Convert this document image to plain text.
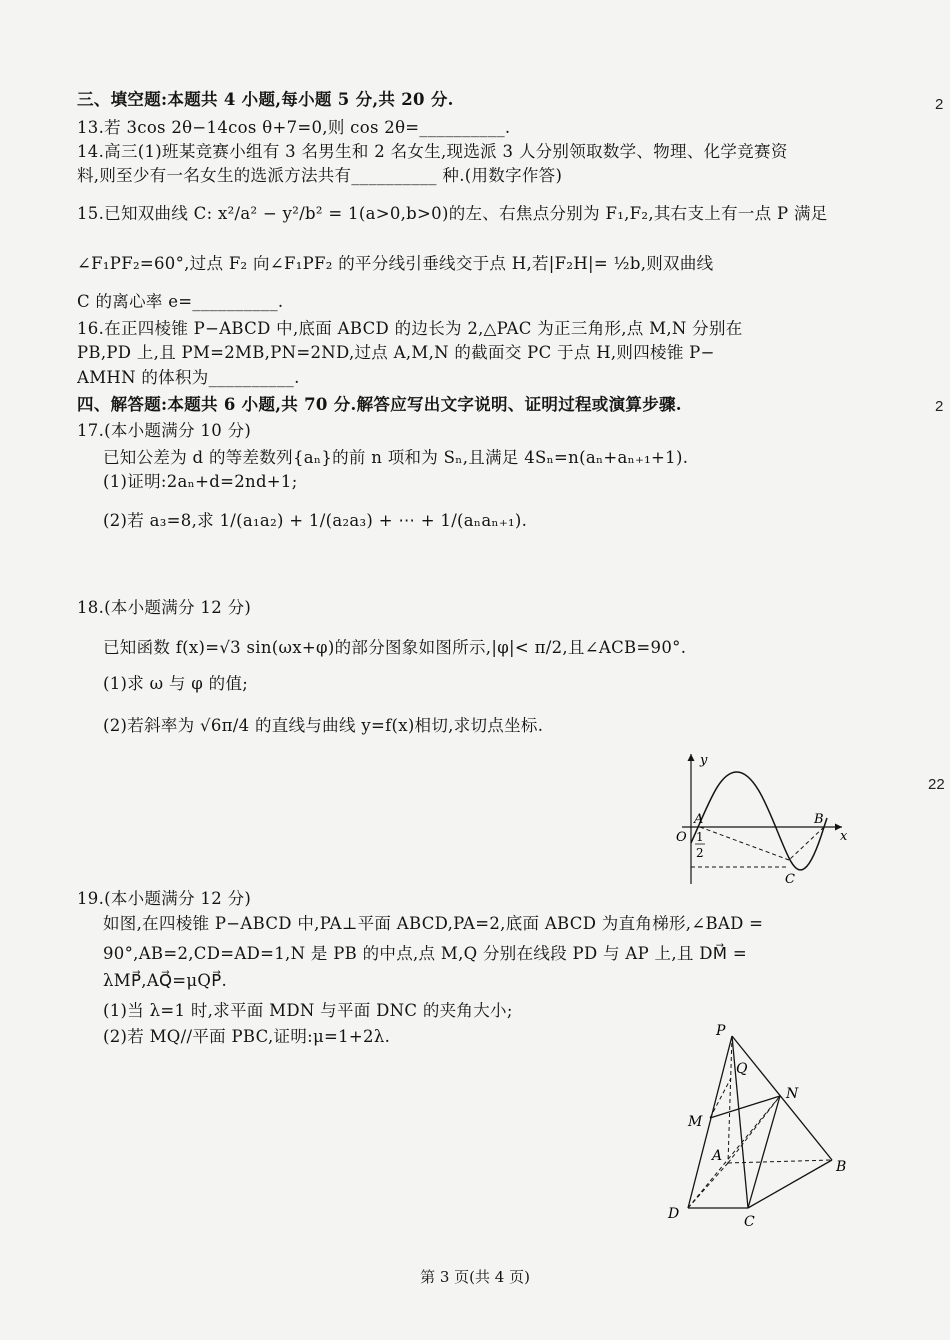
三、填空题:本题共 4 小题,每小题 5 分,共 20 分.
13.若 3cos 2θ−14cos θ+7=0,则 cos 2θ=__________.
14.高三(1)班某竞赛小组有 3 名男生和 2 名女生,现选派 3 人分别领取数学、物理、化学竞赛资
料,则至少有一名女生的选派方法共有__________ 种.(用数字作答)
15.已知双曲线 C: x²/a² − y²/b² = 1(a>0,b>0)的左、右焦点分别为 F₁,F₂,其右支上有一点 P 满足
∠F₁PF₂=60°,过点 F₂ 向∠F₁PF₂ 的平分线引垂线交于点 H,若|F₂H|= ½b,则双曲线
C 的离心率 e=__________.
16.在正四棱锥 P−ABCD 中,底面 ABCD 的边长为 2,△PAC 为正三角形,点 M,N 分别在
PB,PD 上,且 PM=2MB,PN=2ND,过点 A,M,N 的截面交 PC 于点 H,则四棱锥 P−
AMHN 的体积为__________.
四、解答题:本题共 6 小题,共 70 分.解答应写出文字说明、证明过程或演算步骤.
17.(本小题满分 10 分)
已知公差为 d 的等差数列{aₙ}的前 n 项和为 Sₙ,且满足 4Sₙ=n(aₙ+aₙ₊₁+1).
(1)证明:2aₙ+d=2nd+1;
(2)若 a₃=8,求 1/(a₁a₂) + 1/(a₂a₃) + ⋯ + 1/(aₙaₙ₊₁).
18.(本小题满分 12 分)
已知函数 f(x)=√3 sin(ωx+φ)的部分图象如图所示,|φ|< π/2,且∠ACB=90°.
(1)求 ω 与 φ 的值;
(2)若斜率为 √6π/4 的直线与曲线 y=f(x)相切,求切点坐标.
y
x
O
A	B
C
1
2
19.(本小题满分 12 分)
如图,在四棱锥 P−ABCD 中,PA⊥平面 ABCD,PA=2,底面 ABCD 为直角梯形,∠BAD =
90°,AB=2,CD=AD=1,N 是 PB 的中点,点 M,Q 分别在线段 PD 与 AP 上,且 DM⃗ =
λMP⃗,AQ⃗=μQP⃗.
(1)当 λ=1 时,求平面 MDN 与平面 DNC 的夹角大小;
(2)若 MQ//平面 PBC,证明:μ=1+2λ.	P
Q
N
M
A
B
C
D
2
2
22
第 3 页(共 4 页)
